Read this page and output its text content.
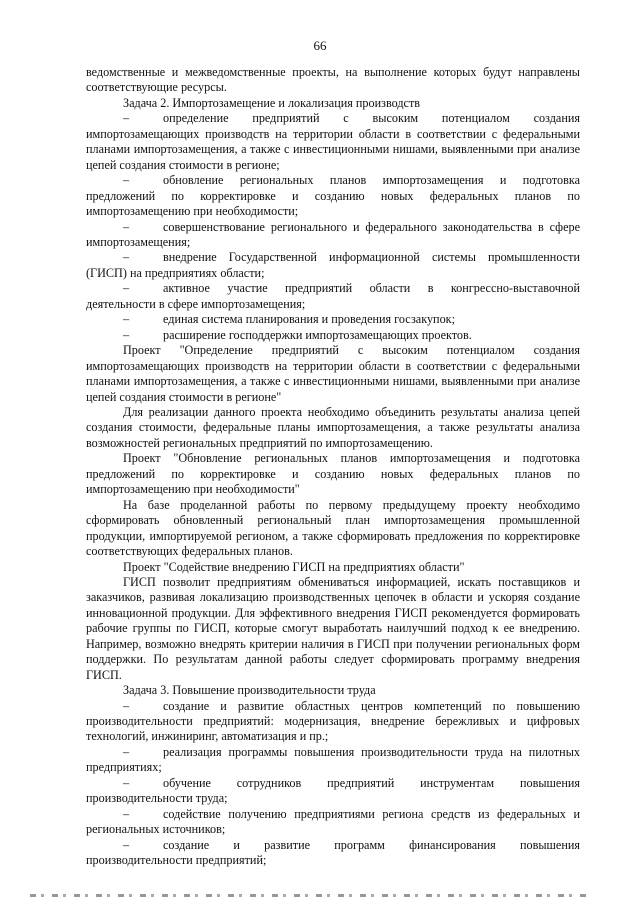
66

ведомственные и межведомственные проекты, на выполнение которых будут направлены соответствующие ресурсы.

Задача 2. Импортозамещение и локализация производств

–	определение предприятий с высоким потенциалом создания импортозамещающих производств на территории области в соответствии с федеральными планами импортозамещения, а также с инвестиционными нишами, выявленными при анализе цепей создания стоимости в регионе;

–	обновление региональных планов импортозамещения и подготовка предложений по корректировке и созданию новых федеральных планов по импортозамещению при необходимости;

–	совершенствование регионального и федерального законодательства в сфере импортозамещения;

–	внедрение Государственной информационной системы промышленности (ГИСП) на предприятиях области;

–	активное участие предприятий области в конгрессно-выставочной деятельности в сфере импортозамещения;

–	единая система планирования и проведения госзакупок;

–	расширение господдержки импортозамещающих проектов.

Проект "Определение предприятий с высоким потенциалом создания импортозамещающих производств на территории области в соответствии с федеральными планами импортозамещения, а также с инвестиционными нишами, выявленными при анализе цепей создания стоимости в регионе"

Для реализации данного проекта необходимо объединить результаты анализа цепей создания стоимости, федеральные планы импортозамещения, а также результаты анализа возможностей региональных предприятий по импортозамещению.

Проект "Обновление региональных планов импортозамещения и подготовка предложений по корректировке и созданию новых федеральных планов по импортозамещению при необходимости"

На базе проделанной работы по первому предыдущему проекту необходимо сформировать обновленный региональный план импортозамещения промышленной продукции, импортируемой регионом, а также сформировать предложения по корректировке соответствующих федеральных планов.

Проект "Содействие внедрению ГИСП на предприятиях области"

ГИСП позволит предприятиям обмениваться информацией, искать поставщиков и заказчиков, развивая локализацию производственных цепочек в области и ускоряя создание инновационной продукции. Для эффективного внедрения ГИСП рекомендуется формировать рабочие группы по ГИСП, которые смогут выработать наилучший подход к ее внедрению. Например, возможно внедрять критерии наличия в ГИСП при получении региональных форм поддержки. По результатам данной работы следует сформировать программу внедрения ГИСП.

Задача 3. Повышение производительности труда

–	создание и развитие областных центров компетенций по повышению производительности предприятий: модернизация, внедрение бережливых и цифровых технологий, инжиниринг, автоматизация и пр.;

–	реализация программы повышения производительности труда на пилотных предприятиях;

–	обучение сотрудников предприятий инструментам повышения производительности труда;

–	содействие получению предприятиями региона средств из федеральных и региональных источников;

–	создание и развитие программ финансирования повышения производительности предприятий;
